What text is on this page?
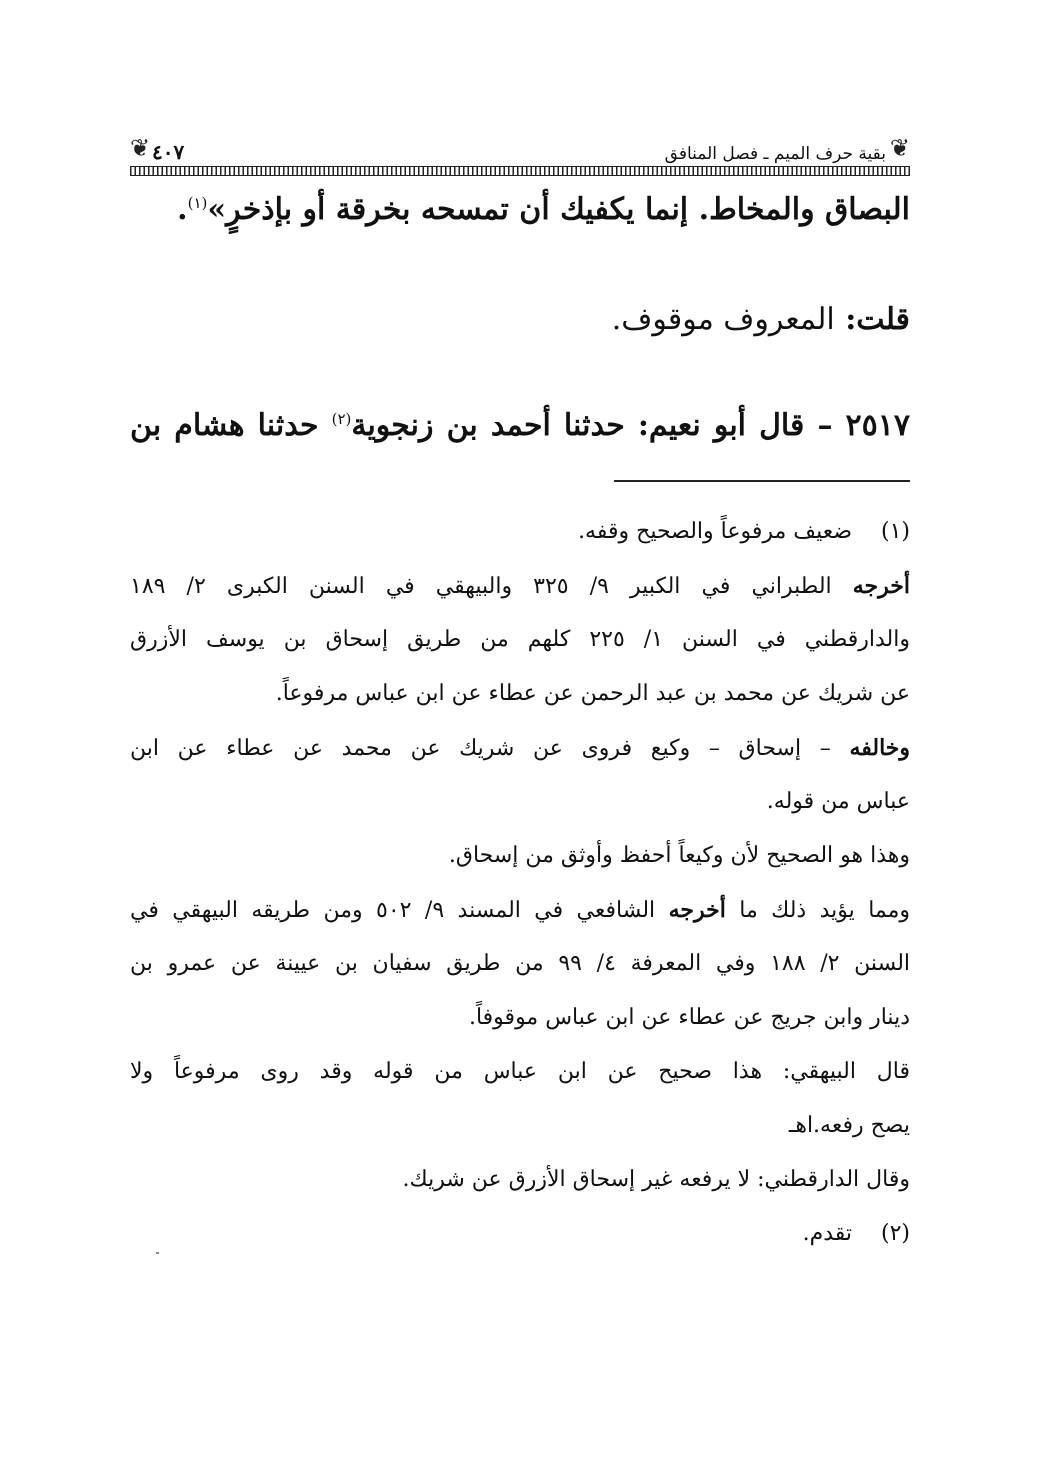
❦
بقية حرف الميم ـ فصل المنافق
٤٠٧
❦
البصاق والمخاط. إنما يكفيك أن تمسحه بخرقة أو بإذخرٍ»$^{(١)}$.
قلت: المعروف موقوف.
٢٥١٧ – قال أبو نعيم: حدثنا أحمد بن زنجوية$^{(٢)}$ حدثنا هشام بن
(١)ضعيف مرفوعاً والصحيح وقفه.
أخرجه الطبراني في الكبير ٩/ ٣٢٥ والبيهقي في السنن الكبرى ٢/ ١٨٩
والدارقطني في السنن ١/ ٢٢٥ كلهم من طريق إسحاق بن يوسف الأزرق
عن شريك عن محمد بن عبد الرحمن عن عطاء عن ابن عباس مرفوعاً.
وخالفه – إسحاق – وكيع فروى عن شريك عن محمد عن عطاء عن ابن
عباس من قوله.
وهذا هو الصحيح لأن وكيعاً أحفظ وأوثق من إسحاق.
ومما يؤيد ذلك ما أخرجه الشافعي في المسند ٩/ ٥٠٢ ومن طريقه البيهقي في
السنن ٢/ ١٨٨ وفي المعرفة ٤/ ٩٩ من طريق سفيان بن عيينة عن عمرو بن
دينار وابن جريج عن عطاء عن ابن عباس موقوفاً.
قال البيهقي: هذا صحيح عن ابن عباس من قوله وقد روى مرفوعاً ولا
يصح رفعه.اهـ
وقال الدارقطني: لا يرفعه غير إسحاق الأزرق عن شريك.
(٢)تقدم.
